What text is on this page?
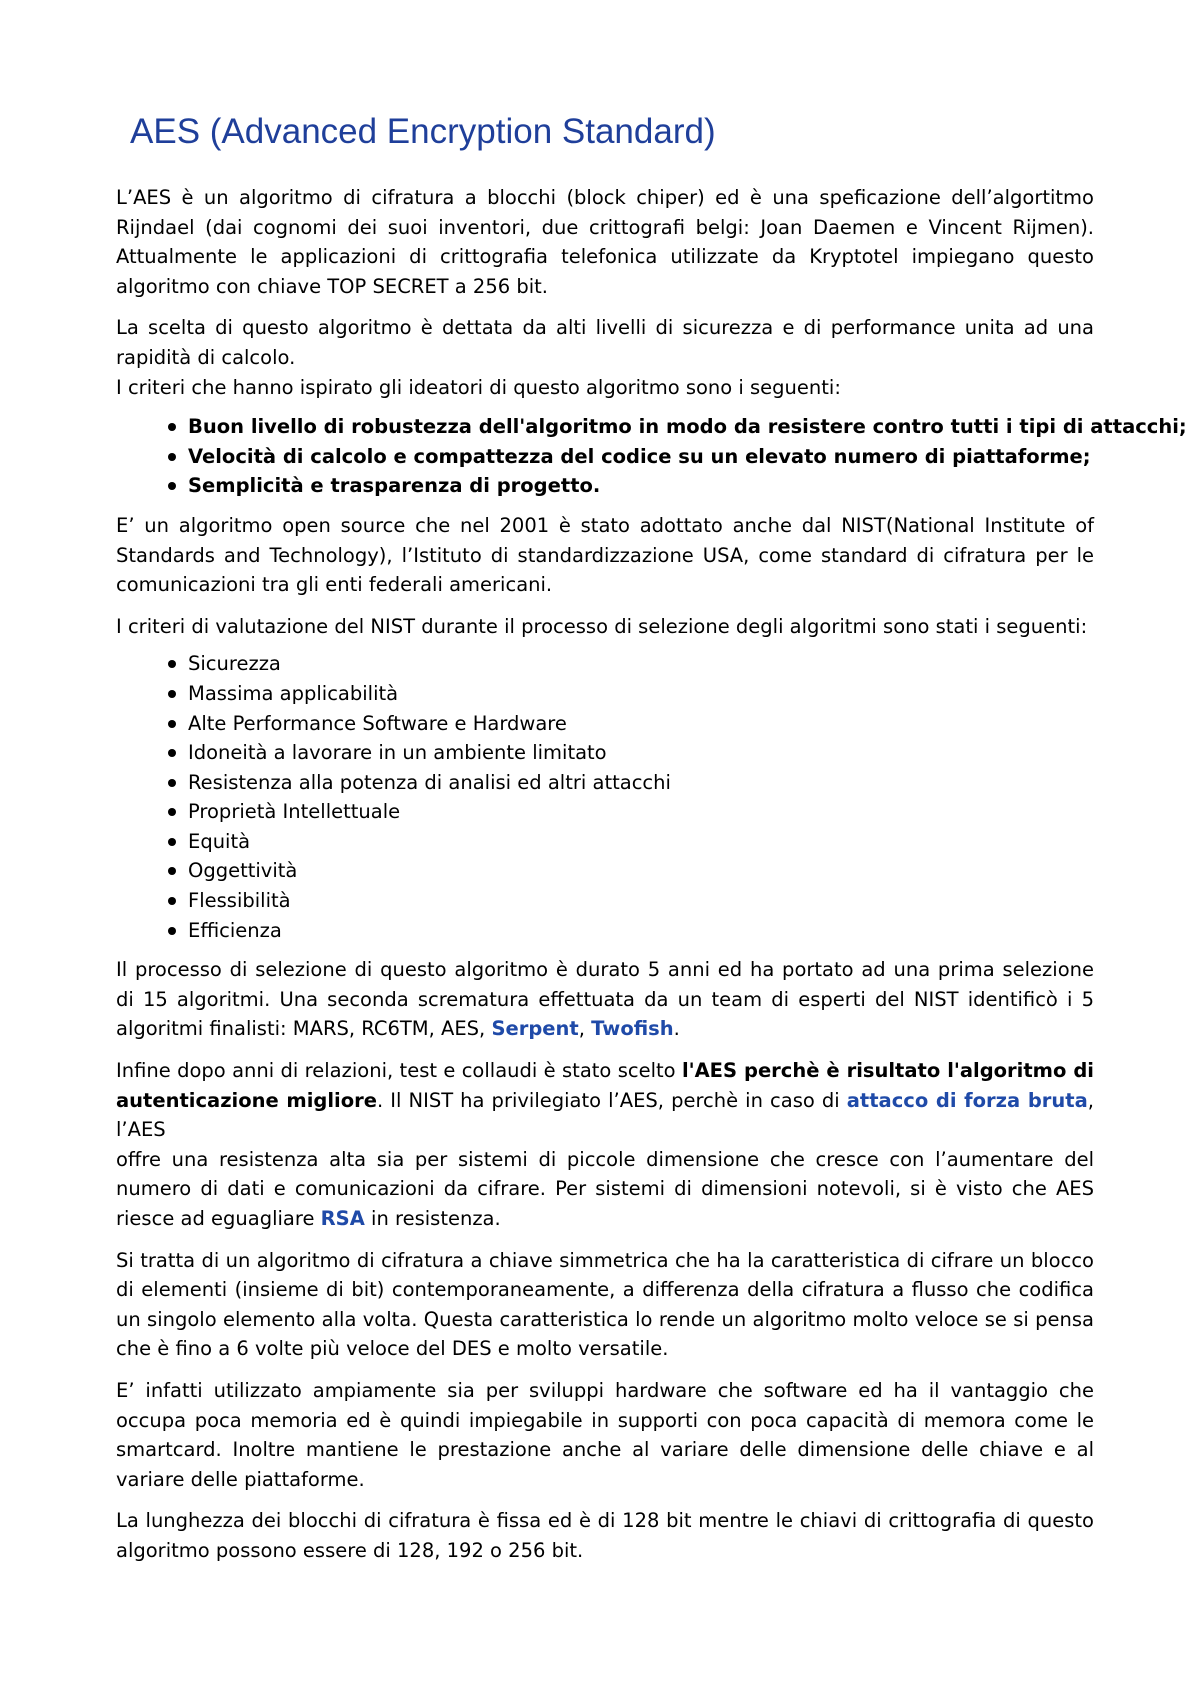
AES (Advanced Encryption Standard)

L’AES è un algoritmo di cifratura a blocchi (block chiper) ed è una speficazione dell’algortitmo
Rijndael (dai cognomi dei suoi inventori, due crittografi belgi: Joan Daemen e Vincent Rijmen).
Attualmente le applicazioni di crittografia telefonica utilizzate da Kryptotel impiegano questo
algoritmo con chiave TOP SECRET a 256 bit.

La scelta di questo algoritmo è dettata da alti livelli di sicurezza e di performance unita ad una
rapidità di calcolo.
I criteri che hanno ispirato gli ideatori di questo algoritmo sono i seguenti:

Buon livello di robustezza dell'algoritmo in modo da resistere contro tutti i tipi di attacchi;
Velocità di calcolo e compattezza del codice su un elevato numero di piattaforme;
Semplicità e trasparenza di progetto.

E’ un algoritmo open source che nel 2001 è stato adottato anche dal NIST(National Institute of
Standards and Technology), l’Istituto di standardizzazione USA, come standard di cifratura per le
comunicazioni tra gli enti federali americani.

I criteri di valutazione del NIST durante il processo di selezione degli algoritmi sono stati i seguenti:

Sicurezza
Massima applicabilità
Alte Performance Software e Hardware
Idoneità a lavorare in un ambiente limitato
Resistenza alla potenza di analisi ed altri attacchi
Proprietà Intellettuale
Equità
Oggettività
Flessibilità
Efficienza

Il processo di selezione di questo algoritmo è durato 5 anni ed ha portato ad una prima selezione
di 15 algoritmi. Una seconda scrematura effettuata da un team di esperti del NIST identificò i 5
algoritmi finalisti: MARS, RC6TM, AES, Serpent, Twofish.

Infine dopo anni di relazioni, test e collaudi è stato scelto l'AES perchè è risultato l'algoritmo di
autenticazione migliore. Il NIST ha privilegiato l’AES, perchè in caso di attacco di forza bruta, l’AES
offre una resistenza alta sia per sistemi di piccole dimensione che cresce con l’aumentare del
numero di dati e comunicazioni da cifrare. Per sistemi di dimensioni notevoli, si è visto che AES
riesce ad eguagliare RSA in resistenza.

Si tratta di un algoritmo di cifratura a chiave simmetrica che ha la caratteristica di cifrare un blocco
di elementi (insieme di bit) contemporaneamente, a differenza della cifratura a flusso che codifica
un singolo elemento alla volta. Questa caratteristica lo rende un algoritmo molto veloce se si pensa
che è fino a 6 volte più veloce del DES e molto versatile.

E’ infatti utilizzato ampiamente sia per sviluppi hardware che software ed ha il vantaggio che
occupa poca memoria ed è quindi impiegabile in supporti con poca capacità di memora come le
smartcard. Inoltre mantiene le prestazione anche al variare delle dimensione delle chiave e al
variare delle piattaforme.

La lunghezza dei blocchi di cifratura è fissa ed è di 128 bit mentre le chiavi di crittografia di questo
algoritmo possono essere di 128, 192 o 256 bit.
